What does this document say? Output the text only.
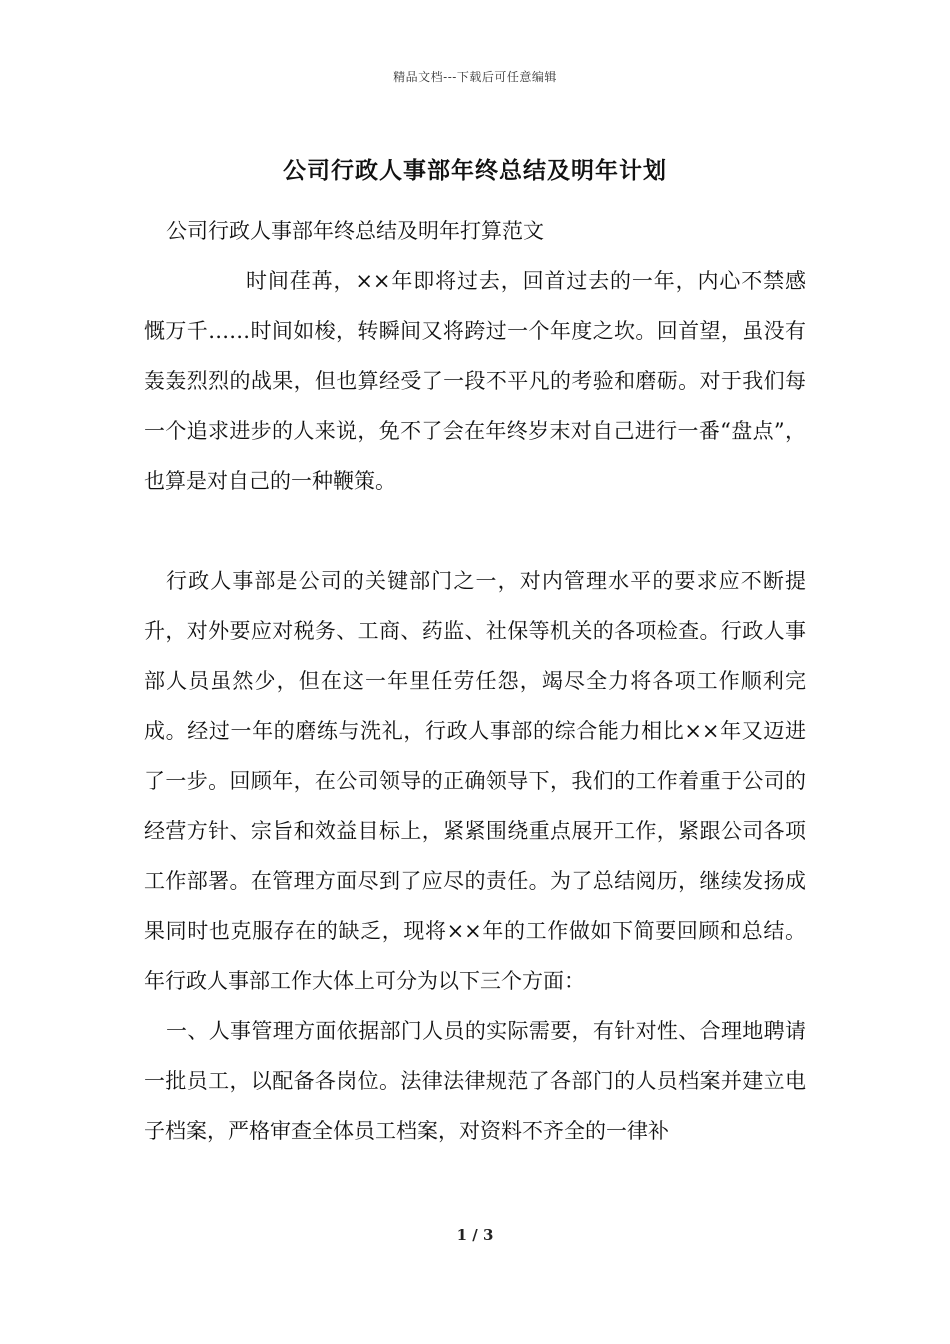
精品文档---下载后可任意编辑
公司行政人事部年终总结及明年计划

公司行政人事部年终总结及明年打算范文

时间荏苒，××年即将过去，回首过去的一年，内心不禁感慨万千……时间如梭，转瞬间又将跨过一个年度之坎。回首望，虽没有轰轰烈烈的战果，但也算经受了一段不平凡的考验和磨砺。对于我们每一个追求进步的人来说，免不了会在年终岁末对自己进行一番“盘点”，也算是对自己的一种鞭策。

行政人事部是公司的关键部门之一，对内管理水平的要求应不断提升，对外要应对税务、工商、药监、社保等机关的各项检查。行政人事部人员虽然少，但在这一年里任劳任怨，竭尽全力将各项工作顺利完成。经过一年的磨练与洗礼，行政人事部的综合能力相比××年又迈进了一步。回顾年，在公司领导的正确领导下，我们的工作着重于公司的经营方针、宗旨和效益目标上，紧紧围绕重点展开工作，紧跟公司各项工作部署。在管理方面尽到了应尽的责任。为了总结阅历，继续发扬成果同时也克服存在的缺乏，现将××年的工作做如下简要回顾和总结。年行政人事部工作大体上可分为以下三个方面：

一、人事管理方面依据部门人员的实际需要，有针对性、合理地聘请一批员工，以配备各岗位。法律法律规范了各部门的人员档案并建立电子档案，严格审查全体员工档案，对资料不齐全的一律补

1 / 3
